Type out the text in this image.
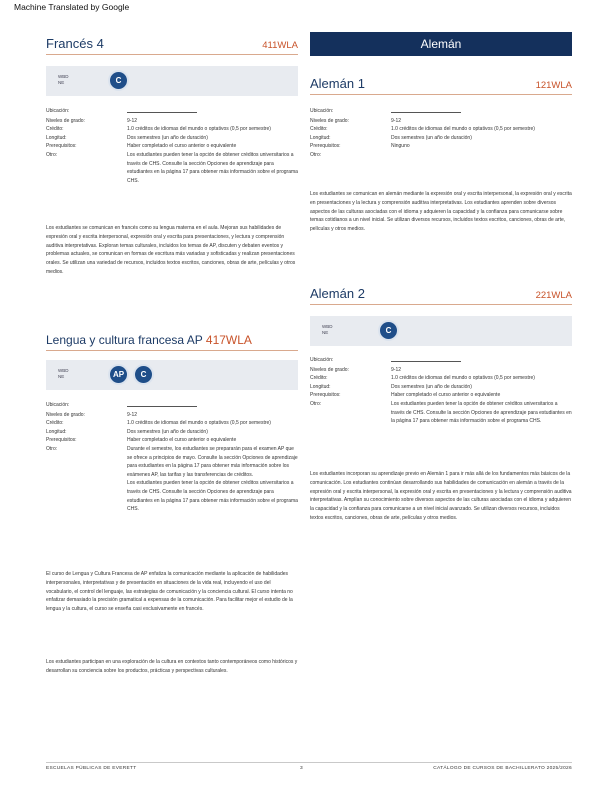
Machine Translated by Google
Francés 4	411WLA
WBD
NE	C
Ubicación:
Niveles de grado:	9-12
Crédito:	1.0 créditos de idiomas del mundo o optativos (0,5 por semestre)
Longitud:	Dos semestres (un año de duración)
Prerequisitos:	Haber completado el curso anterior o equivalente
Otro:	Los estudiantes pueden tener la opción de obtener créditos universitarios a través de CHS. Consulte la sección Opciones de aprendizaje para estudiantes en la página 17 para obtener más información sobre el programa CHS.

Los estudiantes se comunican en francés como su lengua materna en el aula. Mejoran sus habilidades de expresión oral y escrita interpersonal, expresión oral y escrita para presentaciones, y lectura y comprensión auditiva interpretativas. Exploran temas culturales, incluidos los temas de AP, discuten y debaten eventos y problemas actuales, se comunican en formas de escritura más variadas y sofisticadas y realizan presentaciones orales. Se utilizan una variedad de recursos, incluidos textos escritos, canciones, obras de arte, películas y otros medios.

Lengua y cultura francesa AP 417WLA
WBD
NE	AP	C
Ubicación:
Niveles de grado:	9-12
Crédito:	1.0 créditos de idiomas del mundo o optativos (0,5 por semestre)
Longitud:	Dos semestres (un año de duración)
Prerequisitos:	Haber completado el curso anterior o equivalente
Otro:	Durante el semestre, los estudiantes se prepararán para el examen AP que se ofrece a principios de mayo. Consulte la sección Opciones de aprendizaje para estudiantes en la página 17 para obtener más información sobre los exámenes AP, las tarifas y las transferencias de créditos.
Los estudiantes pueden tener la opción de obtener créditos universitarios a través de CHS. Consulte la sección Opciones de aprendizaje para estudiantes en la página 17 para obtener más información sobre el programa CHS.

El curso de Lengua y Cultura Francesa de AP enfatiza la comunicación mediante la aplicación de habilidades interpersonales, interpretativas y de presentación en situaciones de la vida real, incluyendo el uso del vocabulario, el control del lenguaje, las estrategias de comunicación y la conciencia cultural. El curso intenta no enfatizar demasiado la precisión gramatical a expensas de la comunicación. Para facilitar mejor el estudio de la lengua y la cultura, el curso se enseña casi exclusivamente en francés.

Los estudiantes participan en una exploración de la cultura en contextos tanto contemporáneos como históricos y desarrollan su conciencia sobre los productos, prácticas y perspectivas culturales.

Alemán
Alemán 1	121WLA
Ubicación:
Niveles de grado:	9-12
Crédito:	1.0 créditos de idiomas del mundo o optativos (0,5 por semestre)
Longitud:	Dos semestres (un año de duración)
Prerequisitos:	Ninguno
Otro:

Los estudiantes se comunican en alemán mediante la expresión oral y escrita interpersonal, la expresión oral y escrita en presentaciones y la lectura y comprensión auditiva interpretativas. Los estudiantes aprenden sobre diversos aspectos de las culturas asociadas con el idioma y adquieren la capacidad y la confianza para comunicarse sobre temas cotidianos a un nivel inicial. Se utilizan diversos recursos, incluidos textos escritos, canciones, obras de arte, películas y otros medios.

Alemán 2	221WLA
WBD
NE	C
Ubicación:
Niveles de grado:	9-12
Crédito:	1.0 créditos de idiomas del mundo o optativos (0,5 por semestre)
Longitud:	Dos semestres (un año de duración)
Prerequisitos:	Haber completado el curso anterior o equivalente
Otro:	Los estudiantes pueden tener la opción de obtener créditos universitarios a través de CHS. Consulte la sección Opciones de aprendizaje para estudiantes en la página 17 para obtener más información sobre el programa CHS.

Los estudiantes incorporan su aprendizaje previo en Alemán 1 para ir más allá de los fundamentos más básicos de la comunicación. Los estudiantes continúan desarrollando sus habilidades de comunicación en alemán a través de la expresión oral y escrita interpersonal, la expresión oral y escrita en presentaciones y la lectura y comprensión auditiva interpretativas. Amplían su conocimiento sobre diversos aspectos de las culturas asociadas con el idioma y adquieren la capacidad y la confianza para comunicarse a un nivel inicial avanzado. Se utilizan diversos recursos, incluidos textos escritos, canciones, obras de arte, películas y otros medios.

ESCUELAS PÚBLICAS DE EVERETT	3	CATÁLOGO DE CURSOS DE BACHILLERATO 2025/2026
